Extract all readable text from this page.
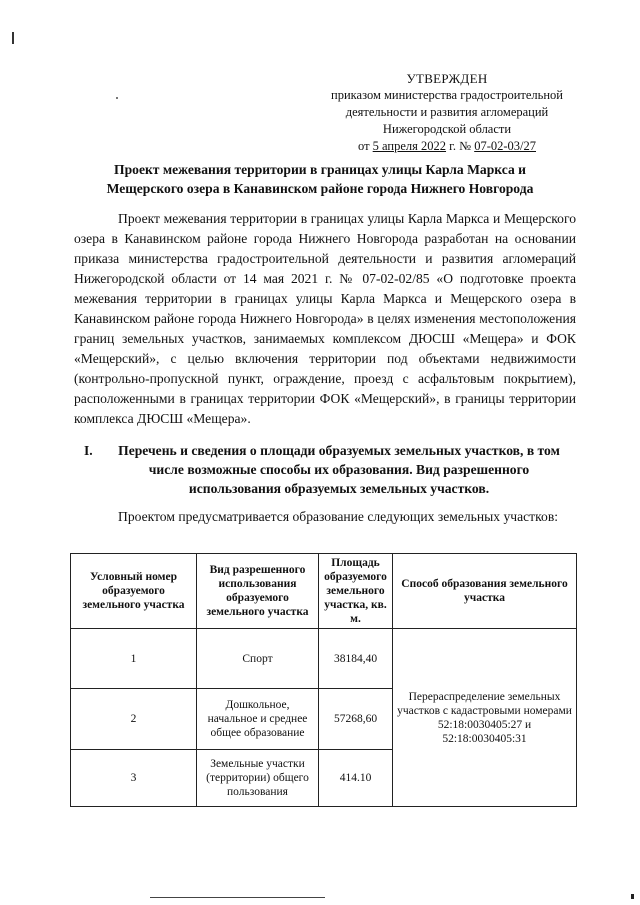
УТВЕРЖДЕН
приказом министерства градостроительной
деятельности и развития агломераций
Нижегородской области
от 5 апреля 2022 г. № 07-02-03/27
Проект межевания территории в границах улицы Карла Маркса и
Мещерского озера в Канавинском районе города Нижнего Новгорода

Проект межевания территории в границах улицы Карла Маркса и Мещерского озера в Канавинском районе города Нижнего Новгорода разработан на основании приказа министерства градостроительной деятельности и развития агломераций Нижегородской области от 14 мая 2021 г. № 07-02-02/85 «О подготовке проекта межевания территории в границах улицы Карла Маркса и Мещерского озера в Канавинском районе города Нижнего Новгорода» в целях изменения местоположения границ земельных участков, занимаемых комплексом ДЮСШ «Мещера» и ФОК «Мещерский», с целью включения территории под объектами недвижимости (контрольно-пропускной пункт, ограждение, проезд с асфальтовым покрытием), расположенными в границах территории ФОК «Мещерский», в границы территории комплекса ДЮСШ «Мещера».

I.	Перечень и сведения о площади образуемых земельных участков, в том
числе возможные способы их образования. Вид разрешенного
использования образуемых земельных участков.

Проектом предусматривается образование следующих земельных участков:

Условный номер образуемого земельного участка	Вид разрешенного использования образуемого земельного участка	Площадь образуемого земельного участка, кв. м.	Способ образования земельного участка
1	Спорт	38184,40	Перераспределение земельных участков с кадастровыми номерами 52:18:0030405:27 и 52:18:0030405:31
2	Дошкольное, начальное и среднее общее образование	57268,60	
3	Земельные участки (территории) общего пользования	414.10	
